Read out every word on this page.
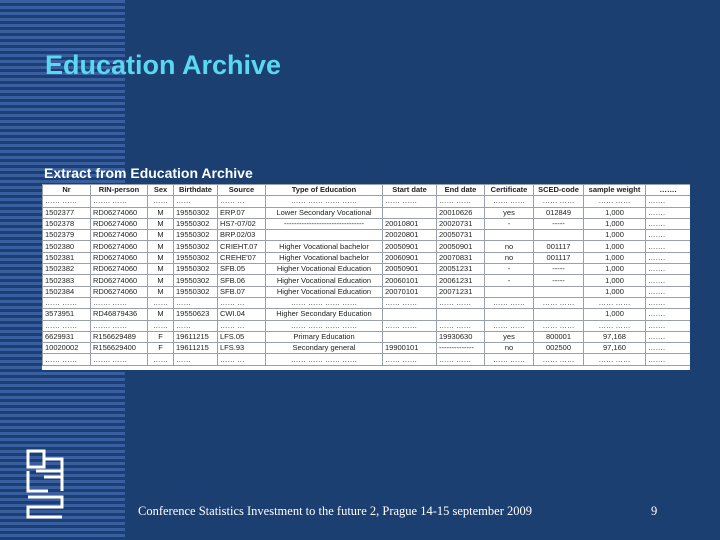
Education Archive
Extract from Education Archive
Nr	RIN-person	Sex	Birthdate	Source	Type of Education	Start date	End date	Certificate	SCED-code	sample weight	…….
…… ……	……. ……	……	……	…… …	…… …… …… ……	…… ……	…… ……	…… ……	…… ……	…… ……	…….
1502377	RD06274060	M	19550302	ERP.07	Lower Secondary Vocational		20010626	yes	012849	1,000	…….
1502378	RD06274060	M	19550302	HS7-07/02	--------------------------------	20010801	20020731	-	-----	1,000	…….
1502379	RD06274060	M	19550302	BRP.02/03		20020801	20050731			1,000	…….
1502380	RD06274060	M	19550302	CRIEHT.07	Higher Vocational bachelor	20050901	20050901	no	001117	1,000	…….
1502381	RD06274060	M	19550302	CREHE'07	Higher Vocational bachelor	20060901	20070831	no	001117	1,000	…….
1502382	RD06274060	M	19550302	SFB.05	Higher Vocational Education	20050901	20051231	-	-----	1,000	…….
1502383	RD06274060	M	19550302	SFB.06	Higher Vocational Education	20060101	20061231	-	-----	1,000	…….
1502384	RD06274060	M	19550302	SFB.07	Higher Vocational Education	20070101	20071231			1,000	…….
…… ……	……. ……	……	……	…… …	…… …… …… ……	…… ……	…… ……	…… ……	…… ……	…… ……	…….
3573951	RD46879436	M	19550623	CWI.04	Higher Secondary Education					1,000	…….
…… ……	……. ……	……	……	…… …	…… …… …… ……	…… ……	…… ……	…… ……	…… ……	…… ……	…….
6629931	R156629489	F	19611215	LFS.05	Primary Education		19930630	yes	800001	97,168	…….
10020002	R156629400	F	19611215	LFS.93	Secondary general	19900101	--------------	no	002500	97,160	…….
…… ……	……. ……	……	……	…… …	…… …… …… ……	…… ……	…… ……	…… ……	…… ……	…… ……	…….
Conference Statistics Investment to the future 2, Prague 14-15 september 2009	9
